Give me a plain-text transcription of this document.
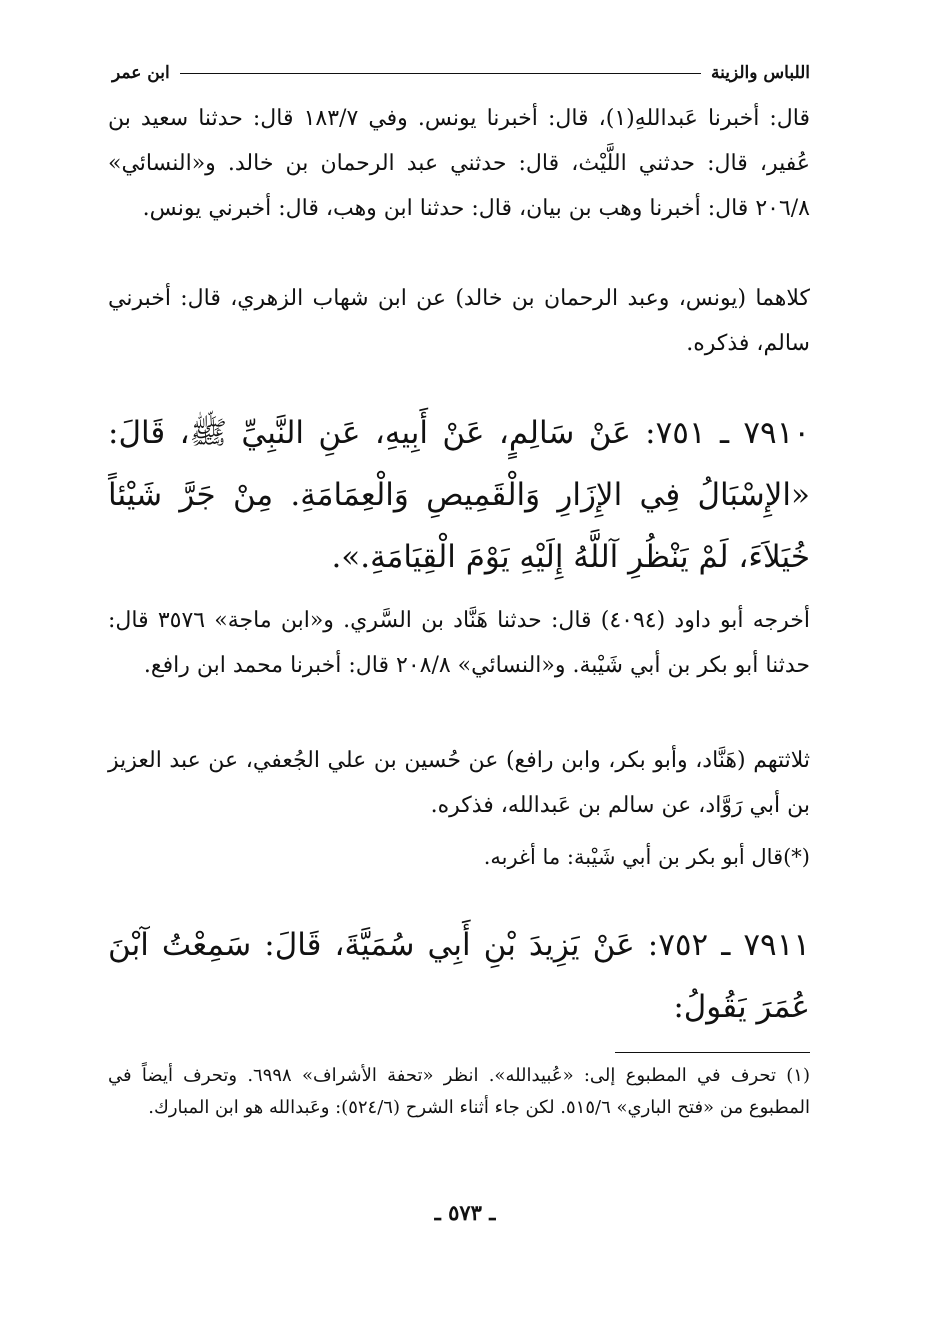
اللباس والزينة
ابن عمر

قال: أخبرنا عَبداللهِ(١)، قال: أخبرنا يونس. وفي ١٨٣/٧ قال: حدثنا سعيد بن عُفير، قال: حدثني اللَّيْث، قال: حدثني عبد الرحمان بن خالد. و«النسائي» ٢٠٦/٨ قال: أخبرنا وهب بن بيان، قال: حدثنا ابن وهب، قال: أخبرني يونس.

كلاهما (يونس، وعبد الرحمان بن خالد) عن ابن شهاب الزهري، قال: أخبرني سالم، فذكره.

٧٩١٠ ـ ٧٥١: عَنْ سَالِمٍ، عَنْ أَبِيهِ، عَنِ النَّبِيِّ ﷺ، قَالَ: «الإِسْبَالُ فِي الإِزَارِ وَالْقَمِيصِ وَالْعِمَامَةِ. مِنْ جَرَّ شَيْئاً خُيَلاَءَ، لَمْ يَنْظُرِ آللَّهُ إِلَيْهِ يَوْمَ الْقِيَامَةِ.».

أخرجه أبو داود (٤٠٩٤) قال: حدثنا هَنَّاد بن السَّري. و«ابن ماجة» ٣٥٧٦ قال: حدثنا أبو بكر بن أبي شَيْبة. و«النسائي» ٢٠٨/٨ قال: أخبرنا محمد ابن رافع.

ثلاثتهم (هَنَّاد، وأبو بكر، وابن رافع) عن حُسين بن علي الجُعفي، عن عبد العزيز بن أبي رَوَّاد، عن سالم بن عَبدالله، فذكره.

(*)قال أبو بكر بن أبي شَيْبة: ما أغربه.

٧٩١١ ـ ٧٥٢: عَنْ يَزِيدَ بْنِ أَبِي سُمَيَّةَ، قَالَ: سَمِعْتُ آبْنَ عُمَرَ يَقُولُ:

(١) تحرف في المطبوع إلى: «عُبيدالله». انظر «تحفة الأشراف» ٦٩٩٨. وتحرف أيضاً في المطبوع من «فتح الباري» ٥١٥/٦. لكن جاء أثناء الشرح (٥٢٤/٦): وعَبدالله هو ابن المبارك.

ـ ٥٧٣ ـ
